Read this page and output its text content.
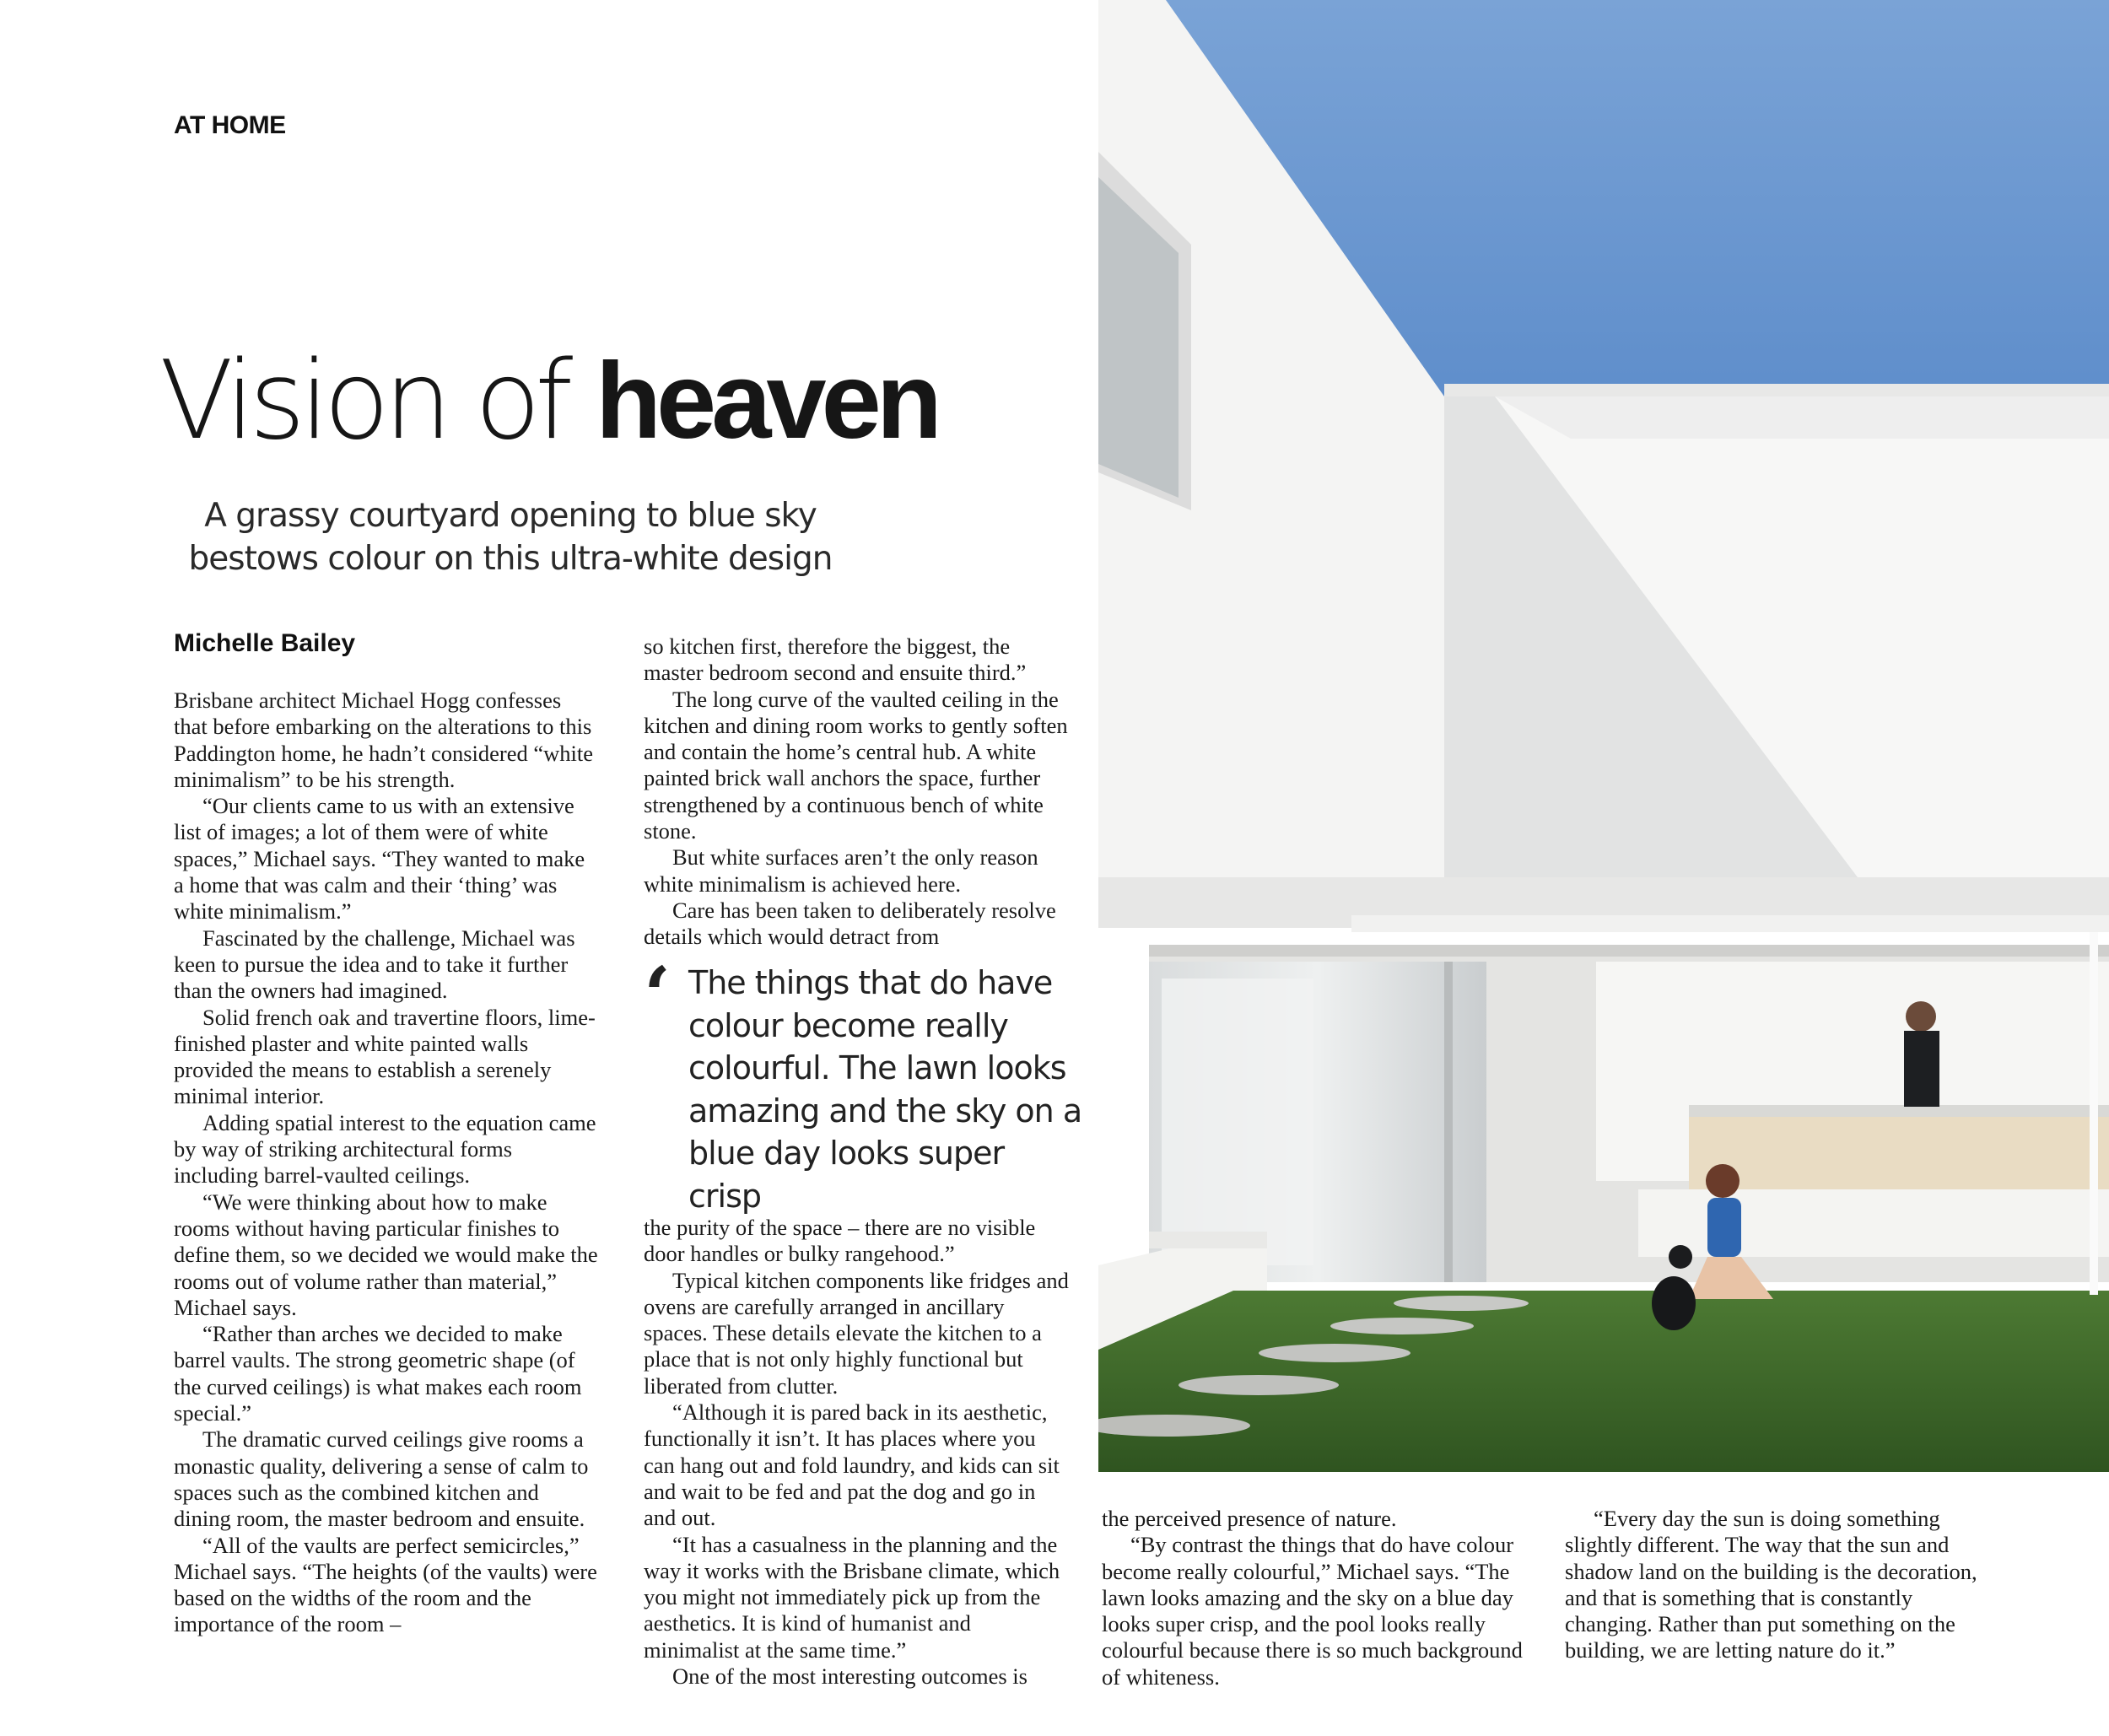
AT HOME
Vision of heaven
A grassy courtyard opening to blue sky
bestows colour on this ultra-white design
Michelle Bailey

Brisbane architect Michael Hogg confesses that before embarking on the alterations to this Paddington home, he hadn’t considered “white minimalism” to be his strength.

“Our clients came to us with an extensive list of images; a lot of them were of white spaces,” Michael says. “They wanted to make a home that was calm and their ‘thing’ was white minimalism.”

Fascinated by the challenge, Michael was keen to pursue the idea and to take it further than the owners had imagined.

Solid french oak and travertine floors, lime-finished plaster and white painted walls provided the means to establish a serenely minimal interior.

Adding spatial interest to the equation came by way of striking architectural forms including barrel-vaulted ceilings.

“We were thinking about how to make rooms without having particular finishes to define them, so we decided we would make the rooms out of volume rather than material,” Michael says.

“Rather than arches we decided to make barrel vaults. The strong geometric shape (of the curved ceilings) is what makes each room special.”

The dramatic curved ceilings give rooms a monastic quality, delivering a sense of calm to spaces such as the combined kitchen and dining room, the master bedroom and ensuite.

“All of the vaults are perfect semicircles,” Michael says. “The heights (of the vaults) were based on the widths of the room and the importance of the room –

so kitchen first, therefore the biggest, the master bedroom second and ensuite third.”

The long curve of the vaulted ceiling in the kitchen and dining room works to gently soften and contain the home’s central hub. A white painted brick wall anchors the space, further strengthened by a continuous bench of white stone.

But white surfaces aren’t the only reason white minimalism is achieved here.

Care has been taken to deliberately resolve details which would detract from

‘ The things that do have colour become really colourful. The lawn looks amazing and the sky on a blue day looks super crisp

the purity of the space – there are no visible door handles or bulky rangehood.”

Typical kitchen components like fridges and ovens are carefully arranged in ancillary spaces. These details elevate the kitchen to a place that is not only highly functional but liberated from clutter.

“Although it is pared back in its aesthetic, functionally it isn’t. It has places where you can hang out and fold laundry, and kids can sit and wait to be fed and pat the dog and go in and out.

“It has a casualness in the planning and the way it works with the Brisbane climate, which you might not immediately pick up from the aesthetics. It is kind of humanist and minimalist at the same time.”

One of the most interesting outcomes is

the perceived presence of nature.

“By contrast the things that do have colour become really colourful,” Michael says. “The lawn looks amazing and the sky on a blue day looks super crisp, and the pool looks really colourful because there is so much background of whiteness.

“Every day the sun is doing something slightly different. The way that the sun and shadow land on the building is the decoration, and that is something that is constantly changing. Rather than put something on the building, we are letting nature do it.”
